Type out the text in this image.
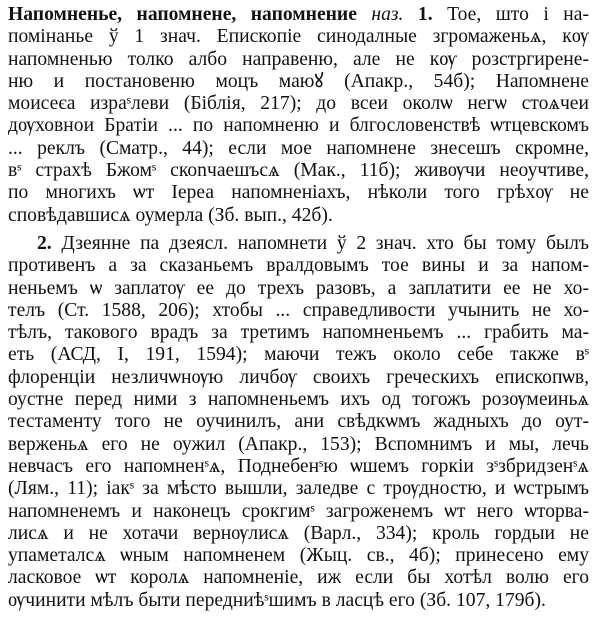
Напомненье, напомнене, напомнение наз. 1. Тое, што і на-
помінанье ў 1 знач. Епископіе синодалные згромаженьѧ, кѹ
напомненью толко албо направеню, але не кѹ розстргирене-
ню и постановеню моцъ маюꙋ (Апакр., 54б); Напомнене
моисеєа израˢлеви (Біблія, 217); до всеи околѡ негѡ стоѧчеи
дѹховнои Братіи ... по напомненю и блгословенствѣ ѡтцевскомъ
... реклъ (Сматр., 44); если мое напомнене знесешъ скромне,
вˢ страхѣ Бжомˢ скоnчаешъсѧ (Мак., 11б); живѹчи неоучтиве,
по многихъ ѡт Іереа напомненіахъ, нѣколи того грѣхѹ не
сповѣдавшисѧ оумерла (Зб. вып., 42б).
2. Дзеянне па дзеясл. напомнети ў 2 знач. хто бы тому былъ
противенъ а за сказаньемъ вралдовымъ тое вины и за напом-
неньемъ ѡ заплатѹ ее до трехъ разовъ, а заплатити ее не хо-
телъ (Ст. 1588, 206); хтобы ... справедливости учынить не хо-
тѣлъ, таковогo врадъ за третимъ напомненьемъ ... грабить ма-
еть (АСД, І, 191, 1594); маючи тежъ около себе также вˢ
флоренціи незличѡнѹю личбѹ своихъ греческихъ епископѡв,
оустне перед ними з напомненьемъ ихъ од тогожъ розѹмеиньѧ
тестаменту того не оучинилъ, ани свѣдкѡмъ жадныхъ до оут-
верженьѧ его не оужил (Апакр., 153); Вспомнимъ и мы, лечь
невчасъ его напомненˢѧ, Поднебенˢю ѡшемъ горкіи зˢзбридзенˢѧ
(Лям., 11); іакˢ за мѣсто вышли, заледве с трѹдностю, и ѡстрымъ
напомненемъ и наконецъ срокгимˢ загроженемъ ѡт него ѡторва-
лисѧ и не хотачи вернѹлисѧ (Варл., 334); кроль гордыи не
упаметалсѧ ѡным напомненем (Жыц. св., 4б); принесено ему
ласковое ѡт королѧ напомненіе, иж если бы хотѣл волю его
ѹчинити мѣлъ быти передниѣˢшимъ в ласцѣ его (Зб. 107, 179б).
